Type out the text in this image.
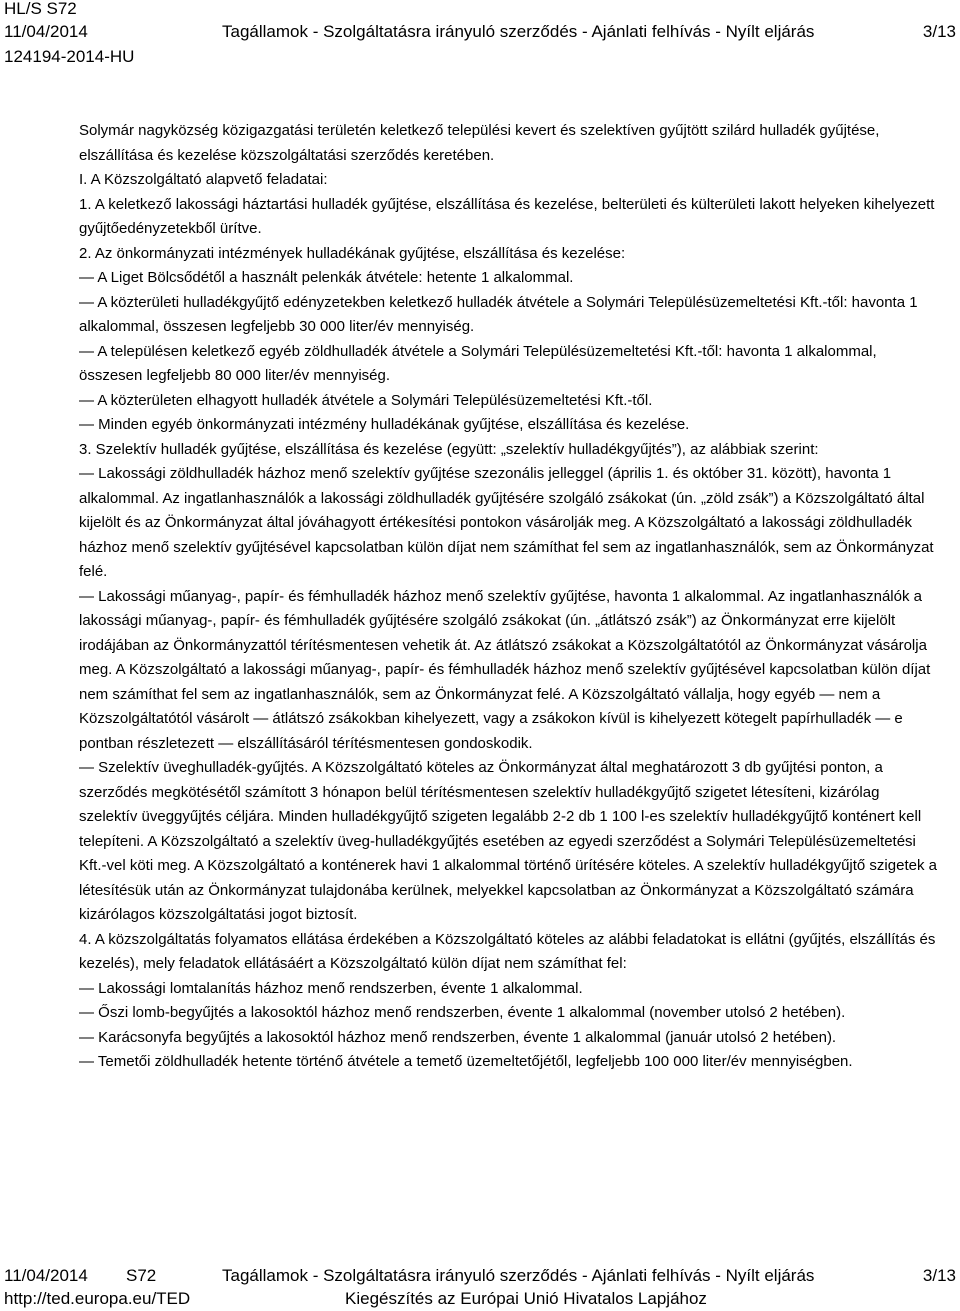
HL/S S72
11/04/2014	Tagállamok - Szolgáltatásra irányuló szerződés - Ajánlati felhívás - Nyílt eljárás	3/13
124194-2014-HU

Solymár nagyközség közigazgatási területén keletkező települési kevert és szelektíven gyűjtött szilárd hulladék gyűjtése, elszállítása és kezelése közszolgáltatási szerződés keretében.

I. A Közszolgáltató alapvető feladatai:

1. A keletkező lakossági háztartási hulladék gyűjtése, elszállítása és kezelése, belterületi és külterületi lakott helyeken kihelyezett gyűjtőedényzetekből ürítve.

2. Az önkormányzati intézmények hulladékának gyűjtése, elszállítása és kezelése:

— A Liget Bölcsődétől a használt pelenkák átvétele: hetente 1 alkalommal.

— A közterületi hulladékgyűjtő edényzetekben keletkező hulladék átvétele a Solymári Településüzemeltetési Kft.-től: havonta 1 alkalommal, összesen legfeljebb 30 000 liter/év mennyiség.

— A településen keletkező egyéb zöldhulladék átvétele a Solymári Településüzemeltetési Kft.-től: havonta 1 alkalommal, összesen legfeljebb 80 000 liter/év mennyiség.

— A közterületen elhagyott hulladék átvétele a Solymári Településüzemeltetési Kft.-től.

— Minden egyéb önkormányzati intézmény hulladékának gyűjtése, elszállítása és kezelése.

3. Szelektív hulladék gyűjtése, elszállítása és kezelése (együtt: „szelektív hulladékgyűjtés”), az alábbiak szerint:

— Lakossági zöldhulladék házhoz menő szelektív gyűjtése szezonális jelleggel (április 1. és október 31. között), havonta 1 alkalommal. Az ingatlanhasználók a lakossági zöldhulladék gyűjtésére szolgáló zsákokat (ún. „zöld zsák”) a Közszolgáltató által kijelölt és az Önkormányzat által jóváhagyott értékesítési pontokon vásárolják meg. A Közszolgáltató a lakossági zöldhulladék házhoz menő szelektív gyűjtésével kapcsolatban külön díjat nem számíthat fel sem az ingatlanhasználók, sem az Önkormányzat felé.

— Lakossági műanyag-, papír- és fémhulladék házhoz menő szelektív gyűjtése, havonta 1 alkalommal. Az ingatlanhasználók a lakossági műanyag-, papír- és fémhulladék gyűjtésére szolgáló zsákokat (ún. „átlátszó zsák”) az Önkormányzat erre kijelölt irodájában az Önkormányzattól térítésmentesen vehetik át. Az átlátszó zsákokat a Közszolgáltatótól az Önkormányzat vásárolja meg. A Közszolgáltató a lakossági műanyag-, papír- és fémhulladék házhoz menő szelektív gyűjtésével kapcsolatban külön díjat nem számíthat fel sem az ingatlanhasználók, sem az Önkormányzat felé. A Közszolgáltató vállalja, hogy egyéb — nem a Közszolgáltatótól vásárolt — átlátszó zsákokban kihelyezett, vagy a zsákokon kívül is kihelyezett kötegelt papírhulladék — e pontban részletezett — elszállításáról térítésmentesen gondoskodik.

— Szelektív üveghulladék-gyűjtés. A Közszolgáltató köteles az Önkormányzat által meghatározott 3 db gyűjtési ponton, a szerződés megkötésétől számított 3 hónapon belül térítésmentesen szelektív hulladékgyűjtő szigetet létesíteni, kizárólag szelektív üveggyűjtés céljára. Minden hulladékgyűjtő szigeten legalább 2-2 db 1 100 l-es szelektív hulladékgyűjtő konténert kell telepíteni. A Közszolgáltató a szelektív üveg-hulladékgyűjtés esetében az egyedi szerződést a Solymári Településüzemeltetési Kft.-vel köti meg. A Közszolgáltató a konténerek havi 1 alkalommal történő ürítésére köteles. A szelektív hulladékgyűjtő szigetek a létesítésük után az Önkormányzat tulajdonába kerülnek, melyekkel kapcsolatban az Önkormányzat a Közszolgáltató számára kizárólagos közszolgáltatási jogot biztosít.

4. A közszolgáltatás folyamatos ellátása érdekében a Közszolgáltató köteles az alábbi feladatokat is ellátni (gyűjtés, elszállítás és kezelés), mely feladatok ellátásáért a Közszolgáltató külön díjat nem számíthat fel:

— Lakossági lomtalanítás házhoz menő rendszerben, évente 1 alkalommal.

— Őszi lomb-begyűjtés a lakosoktól házhoz menő rendszerben, évente 1 alkalommal (november utolsó 2 hetében).

— Karácsonyfa begyűjtés a lakosoktól házhoz menő rendszerben, évente 1 alkalommal (január utolsó 2 hetében).

— Temetői zöldhulladék hetente történő átvétele a temető üzemeltetőjétől, legfeljebb 100 000 liter/év mennyiségben.

11/04/2014 S72	Tagállamok - Szolgáltatásra irányuló szerződés - Ajánlati felhívás - Nyílt eljárás	3/13
http://ted.europa.eu/TED	Kiegészítés az Európai Unió Hivatalos Lapjához
